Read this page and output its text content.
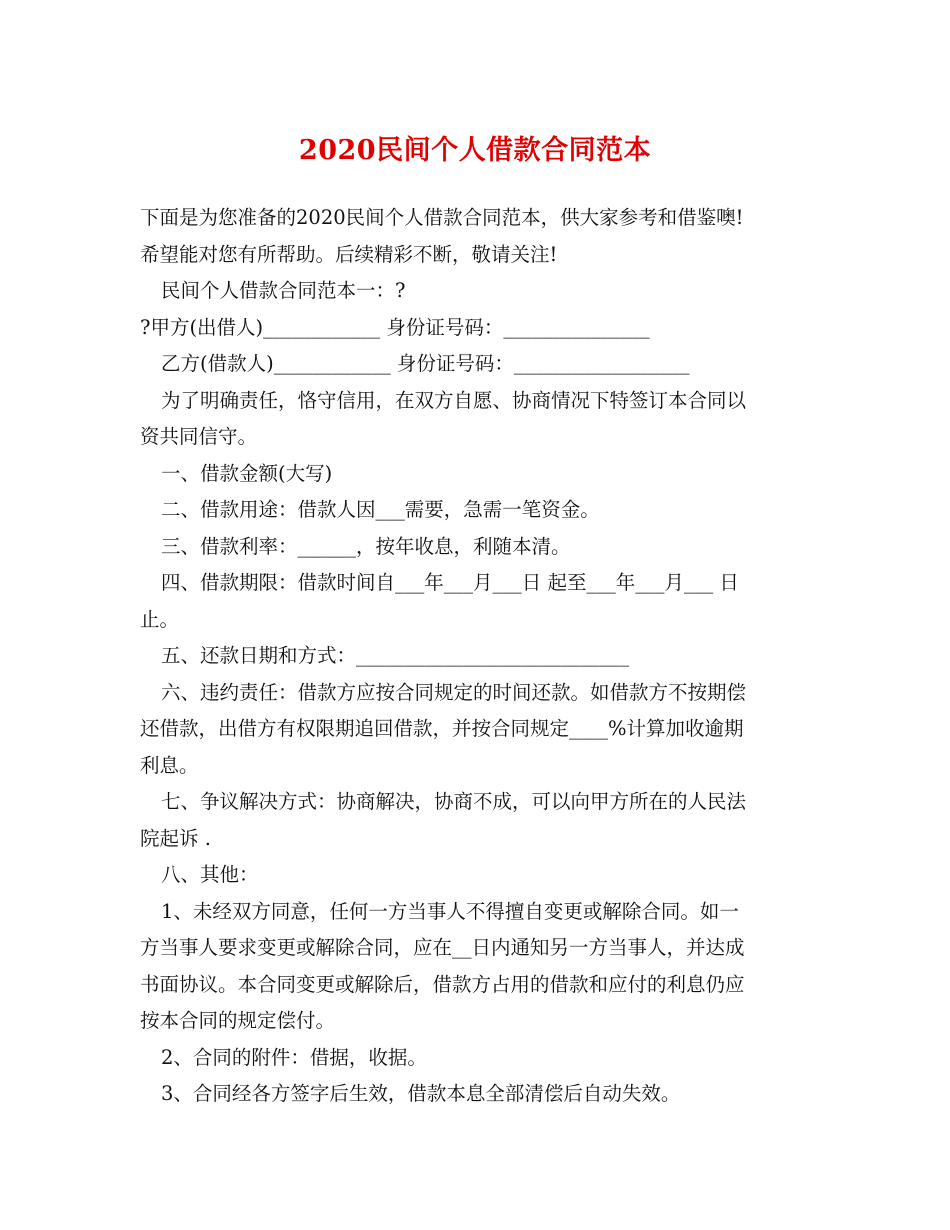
2020民间个人借款合同范本
下面是为您准备的2020民间个人借款合同范本，供大家参考和借鉴噢!
希望能对您有所帮助。后续精彩不断，敬请关注!
民间个人借款合同范本一：?
?甲方(出借人)____________ 身份证号码：_______________
乙方(借款人)____________ 身份证号码：__________________
为了明确责任，恪守信用，在双方自愿、协商情况下特签订本合同以
资共同信守。
一、借款金额(大写)
二、借款用途：借款人因___需要，急需一笔资金。
三、借款利率：______，按年收息，利随本清。
四、借款期限：借款时间自___年___月___日 起至___年___月___ 日
止。
五、还款日期和方式：____________________________
六、违约责任：借款方应按合同规定的时间还款。如借款方不按期偿
还借款，出借方有权限期追回借款，并按合同规定____%计算加收逾期
利息。
七、争议解决方式：协商解决，协商不成，可以向甲方所在的人民法
院起诉 .
八、其他：
1、未经双方同意，任何一方当事人不得擅自变更或解除合同。如一
方当事人要求变更或解除合同，应在__日内通知另一方当事人，并达成
书面协议。本合同变更或解除后，借款方占用的借款和应付的利息仍应
按本合同的规定偿付。
2、合同的附件：借据，收据。
3、合同经各方签字后生效，借款本息全部清偿后自动失效。
